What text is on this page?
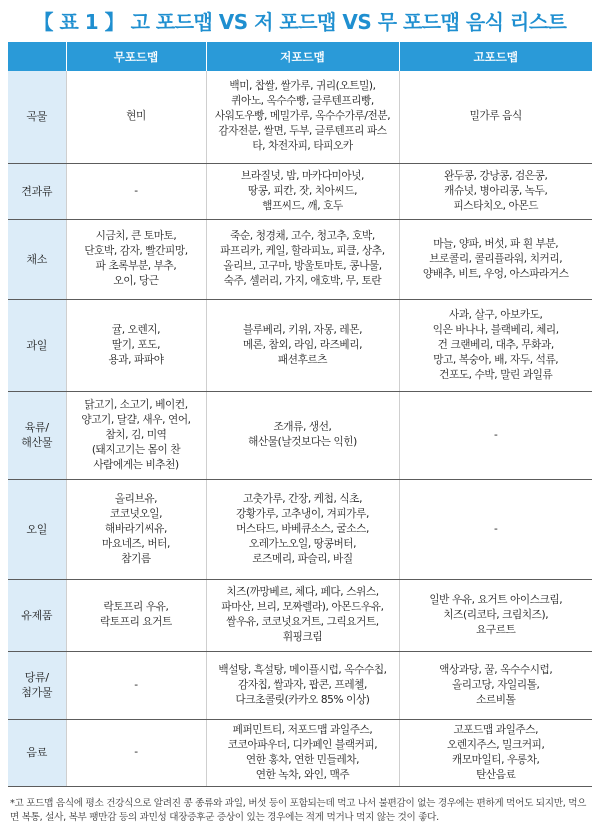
【 표 1 】 고 포드맵 VS 저 포드맵 VS 무 포드맵 음식 리스트
	무포드맵	저포드맵	고포드맵

곡물	현미	백미, 찹쌀, 쌀가루, 귀리(오트밀),
퀴아노, 옥수수빵, 글루텐프리빵,
사워도우빵, 메밀가루, 옥수수가루/전분,
감자전분, 쌀면, 두부, 글루텐프리 파스
타, 차전자피, 타피오카	밀가루 음식

견과류	-	브라질넛, 밤, 마카다미아넛,
땅콩, 피칸, 잣, 치아씨드,
햄프씨드, 깨, 호두	완두콩, 강낭콩, 검은콩,
캐슈넛, 병아리콩, 녹두,
피스타치오, 아몬드

채소	시금치, 큰 토마토,
단호박, 감자, 빨간피망,
파 초록부분, 부추,
오이, 당근	죽순, 청경채, 고수, 청고추, 호박,
파프리카, 케일, 할라피뇨, 피클, 상추,
올리브, 고구마, 방울토마토, 콩나물,
숙주, 셀러리, 가지, 애호박, 무, 토란	마늘, 양파, 버섯, 파 흰 부분,
브로콜리, 콜리플라워, 치커리,
양배추, 비트, 우엉, 아스파라거스

과일	귤, 오렌지,
딸기, 포도,
용과, 파파야	블루베리, 키위, 자몽, 레몬,
메론, 참외, 라임, 라즈베리,
패션후르츠	사과, 살구, 아보카도,
익은 바나나, 블랙베리, 체리,
건 크랜베리, 대추, 무화과,
망고, 복숭아, 배, 자두, 석류,
건포도, 수박, 말린 과일류

육류/
해산물	닭고기, 소고기, 베이컨,
양고기, 달걀, 새우, 연어,
참치, 김, 미역
(돼지고기는 몸이 찬
사람에게는 비추천)	조개류, 생선,
해산물(날것보다는 익힌)	-

오일	올리브유,
코코넛오일,
해바라기씨유,
마요네즈, 버터,
참기름	고춧가루, 간장, 케첩, 식초,
강황가루, 고추냉이, 겨피가루,
머스타드, 바베큐소스, 굴소스,
오레가노오일, 땅콩버터,
로즈메리, 파슬리, 바질	-

유제품	락토프리 우유,
락토프리 요거트	치즈(까망베르, 체다, 페다, 스위스,
파마산, 브리, 모짜렐라), 아몬드우유,
쌀우유, 코코넛요거트, 그릭요거트,
휘핑크림	일반 우유, 요거트 아이스크림,
치즈(리코타, 크림치즈),
요구르트

당류/
첨가물	-	백설탕, 흑설탕, 메이플시럽, 옥수수칩,
감자칩, 쌀과자, 팝콘, 프레첼,
다크초콜릿(카카오 85% 이상)	액상과당, 꿀, 옥수수시럽,
올리고당, 자일리톨,
소르비톨

음료	-	페퍼민트티, 저포드맵 과일주스,
코코아파우더, 디카페인 블랙커피,
연한 홍차, 연한 민들레차,
연한 녹차, 와인, 맥주	고포드맵 과일주스,
오렌지주스, 밀크커피,
캐모마일티, 우롱차,
탄산음료
*고 포드맵 음식에 평소 건강식으로 알려진 콩 종류와 과일, 버섯 등이 포함되는데 먹고 나서 불편감이 없는 경우에는 편하게 먹어도 되지만, 먹으면 복통, 설사, 복부 팽만감 등의 과민성 대장증후군 증상이 있는 경우에는 적게 먹거나 먹지 않는 것이 좋다.
